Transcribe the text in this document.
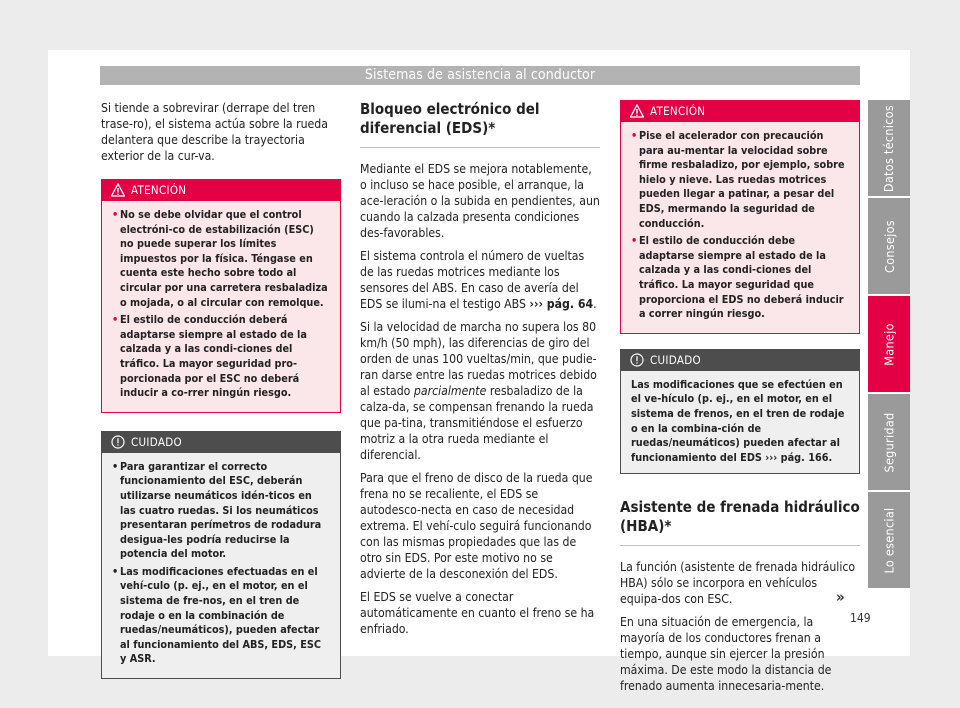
Sistemas de asistencia al conductor

Si tiende a sobrevirar (derrape del tren trase-ro), el sistema actúa sobre la rueda delantera que describe la trayectoria exterior de la cur-va.

ATENCIÓN
• No se debe olvidar que el control electróni-co de estabilización (ESC) no puede superar los límites impuestos por la física. Téngase en cuenta este hecho sobre todo al circular por una carretera resbaladiza o mojada, o al circular con remolque.
• El estilo de conducción deberá adaptarse siempre al estado de la calzada y a las condi-ciones del tráfico. La mayor seguridad pro-porcionada por el ESC no deberá inducir a co-rrer ningún riesgo.
CUIDADO
• Para garantizar el correcto funcionamiento del ESC, deberán utilizarse neumáticos idén-ticos en las cuatro ruedas. Si los neumáticos presentaran perímetros de rodadura desigua-les podría reducirse la potencia del motor.
• Las modificaciones efectuadas en el vehí-culo (p. ej., en el motor, en el sistema de fre-nos, en el tren de rodaje o en la combinación de ruedas/neumáticos), pueden afectar al funcionamiento del ABS, EDS, ESC y ASR.
Bloqueo electrónico del diferencial (EDS)*

Mediante el EDS se mejora notablemente, o incluso se hace posible, el arranque, la ace-leración o la subida en pendientes, aun cuando la calzada presenta condiciones des-favorables.

El sistema controla el número de vueltas de las ruedas motrices mediante los sensores del ABS. En caso de avería del EDS se ilumi-na el testigo ABS ››› pág. 64.

Si la velocidad de marcha no supera los 80 km/h (50 mph), las diferencias de giro del orden de unas 100 vueltas/min, que pudie-ran darse entre las ruedas motrices debido al estado parcialmente resbaladizo de la calza-da, se compensan frenando la rueda que pa-tina, transmitiéndose el esfuerzo motriz a la otra rueda mediante el diferencial.

Para que el freno de disco de la rueda que frena no se recaliente, el EDS se autodesco-necta en caso de necesidad extrema. El vehí-culo seguirá funcionando con las mismas propiedades que las de otro sin EDS. Por este motivo no se advierte de la desconexión del EDS.

El EDS se vuelve a conectar automáticamente en cuanto el freno se ha enfriado.

ATENCIÓN
• Pise el acelerador con precaución para au-mentar la velocidad sobre firme resbaladizo, por ejemplo, sobre hielo y nieve. Las ruedas motrices pueden llegar a patinar, a pesar del EDS, mermando la seguridad de conducción.
• El estilo de conducción debe adaptarse siempre al estado de la calzada y a las condi-ciones del tráfico. La mayor seguridad que proporciona el EDS no deberá inducir a correr ningún riesgo.
CUIDADO
Las modificaciones que se efectúen en el ve-hículo (p. ej., en el motor, en el sistema de frenos, en el tren de rodaje o en la combina-ción de ruedas/neumáticos) pueden afectar al funcionamiento del EDS ››› pág. 166.
Asistente de frenada hidráulico (HBA)*

La función (asistente de frenada hidráulico HBA) sólo se incorpora en vehículos equipa-dos con ESC.

En una situación de emergencia, la mayoría de los conductores frenan a tiempo, aunque sin ejercer la presión máxima. De este modo la distancia de frenado aumenta innecesaria-mente.

»
Datos técnicos
Consejos
Manejo
Seguridad
Lo esencial
149
